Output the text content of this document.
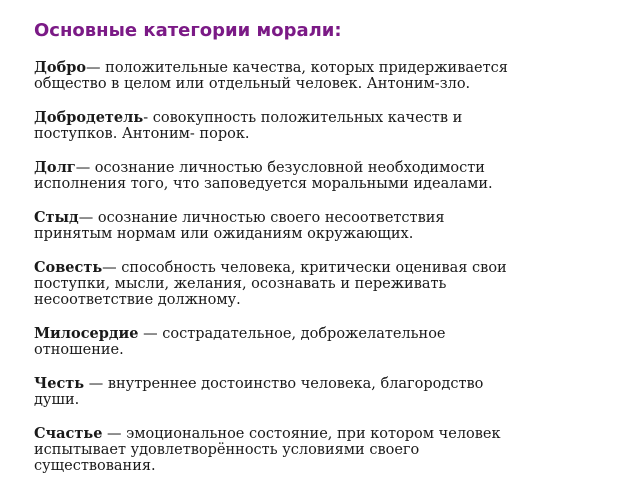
Основные категории морали:
Добро— положительные качества, которых придерживается
общество в целом или отдельный человек. Антоним-зло.
Добродетель- совокупность положительных качеств и
поступков. Антоним- порок.
Долг— осознание личностью безусловной необходимости
исполнения того, что заповедуется моральными идеалами.
Стыд— осознание личностью своего несоответствия
принятым нормам или ожиданиям окружающих.
Совесть— способность человека, критически оценивая свои
поступки, мысли, желания, осознавать и переживать
несоответствие должному.
Милосердие — сострадательное, доброжелательное
отношение.
Честь — внутреннее достоинство человека, благородство
души.
Счастье — эмоциональное состояние, при котором человек
испытывает удовлетворённость условиями своего
существования.
